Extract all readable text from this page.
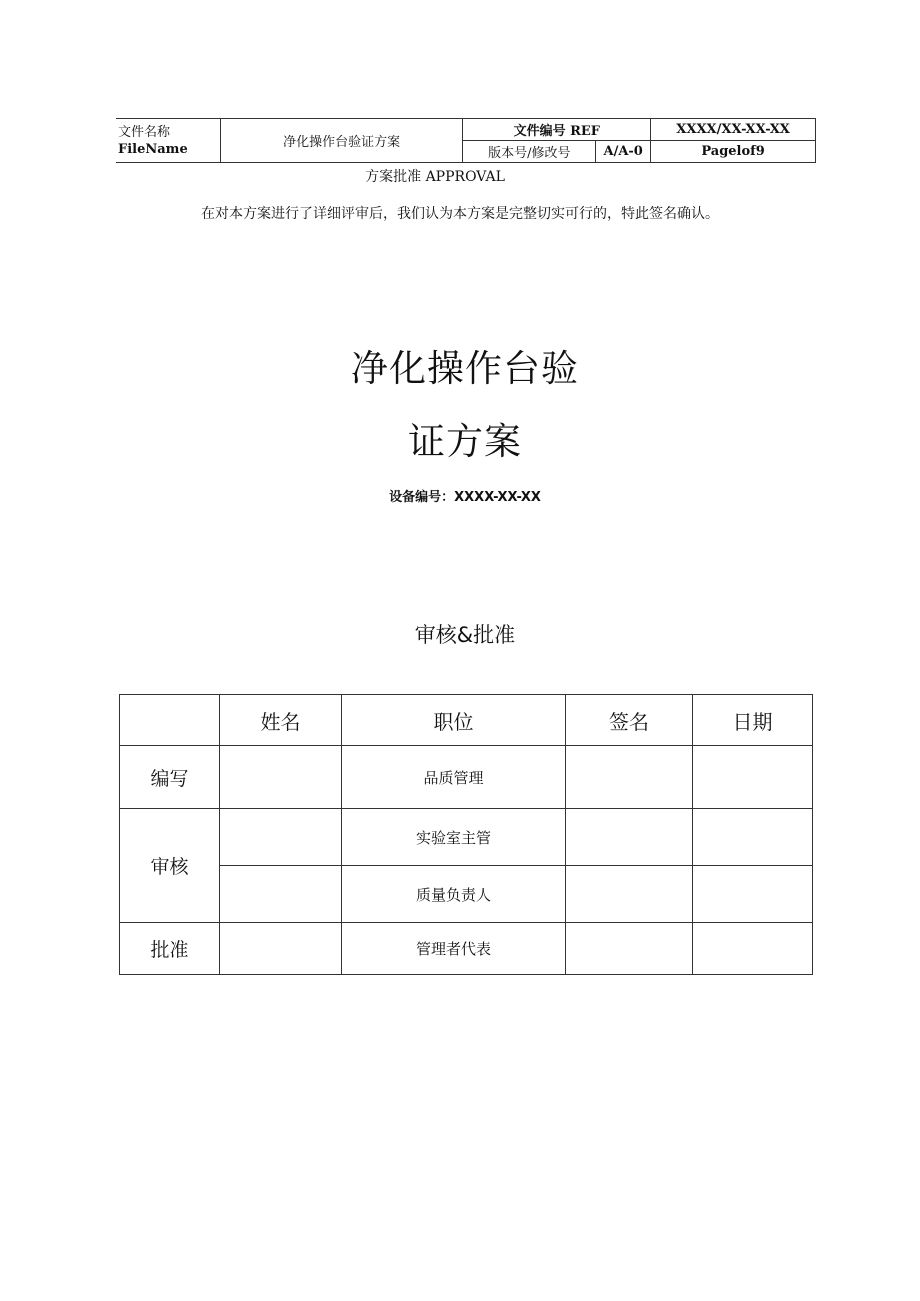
文件名称
FileName	净化操作台验证方案	文件编号 REF		XXXX/XX-XX-XX
		版本号/修改号	A/A-0	Pagelof9
方案批准 APPROVAL
在对本方案进行了详细评审后，我们认为本方案是完整切实可行的，特此签名确认。
净化操作台验
证方案
设备编号：XXXX-XX-XX
审核&批准
	姓名	职位	签名	日期
编写		品质管理		
审核		实验室主管		
		质量负责人		
批准		管理者代表		
